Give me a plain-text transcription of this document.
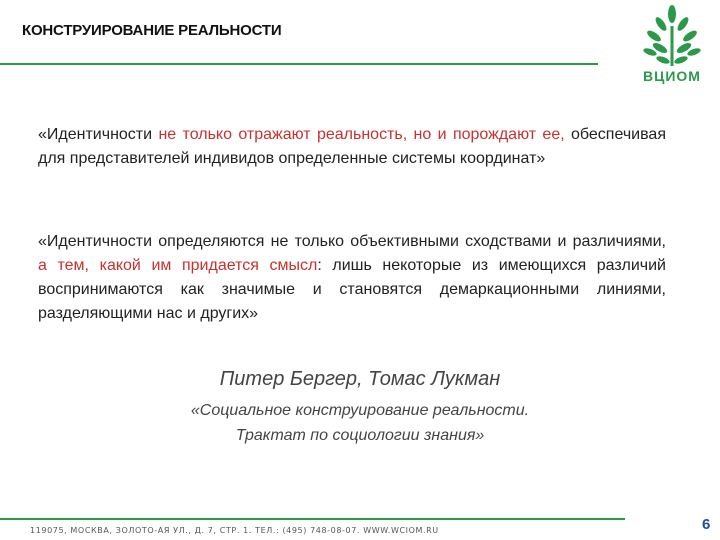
КОНСТРУИРОВАНИЕ РЕАЛЬНОСТИ
ВЦИОМ
«Идентичности не только отражают реальность, но и порождают ее, обеспечивая для представителей индивидов определенные системы координат»
«Идентичности определяются не только объективными сходствами и различиями, а тем, какой им придается смысл: лишь некоторые из имеющихся различий воспринимаются как значимые и становятся демаркационными линиями, разделяющими нас и других»
Питер Бергер, Томас Лукман
«Социальное конструирование реальности.
Трактат по социологии знания»
119075, МОСКВА, ЗОЛОТО-АЯ УЛ., Д. 7, СТР. 1. ТЕЛ.: (495) 748-08-07. WWW.WCIOM.RU	6
